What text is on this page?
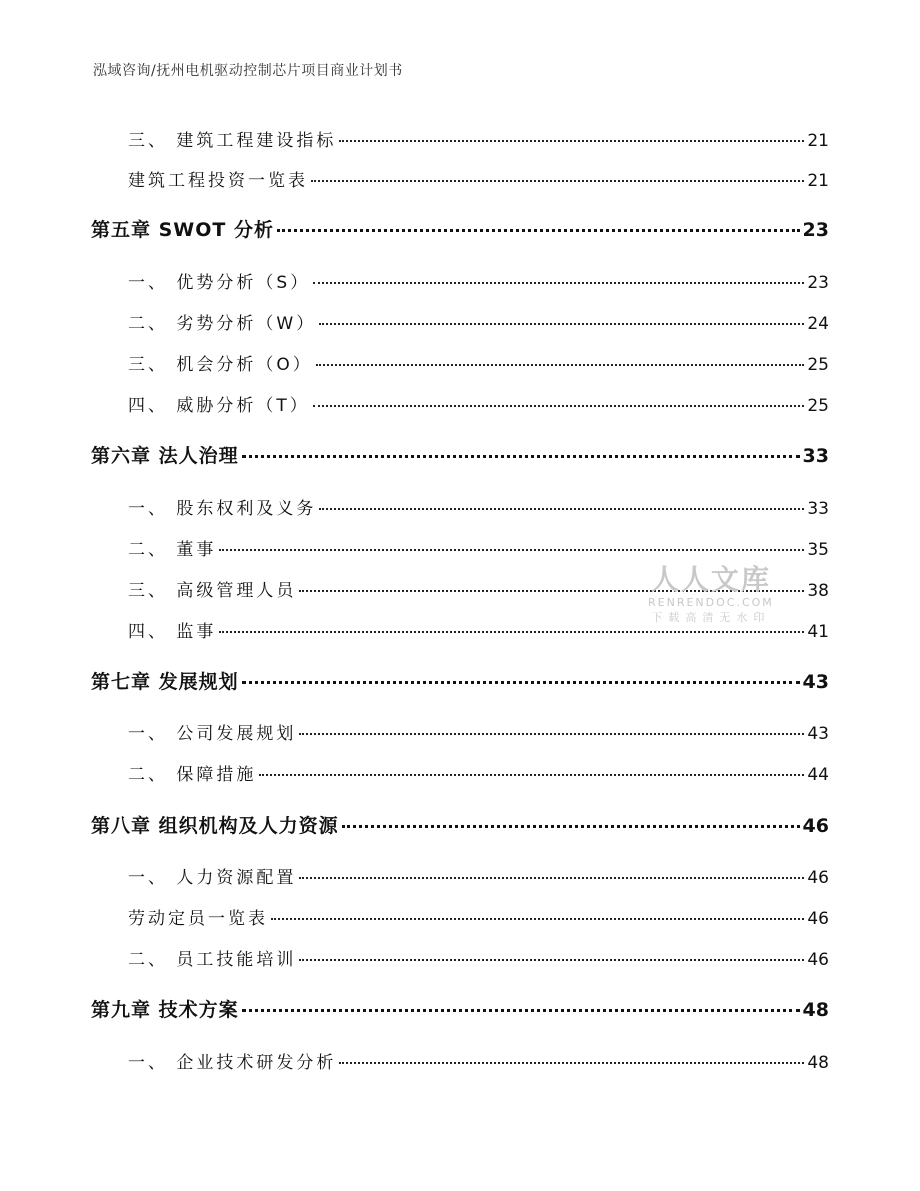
泓域咨询/抚州电机驱动控制芯片项目商业计划书
三、 建筑工程建设指标	21
建筑工程投资一览表	21
第五章 SWOT 分析	23
一、 优势分析（S）	23
二、 劣势分析（W）	24
三、 机会分析（O）	25
四、 威胁分析（T）	25
第六章 法人治理	33
一、 股东权利及义务	33
二、 董事	35
三、 高级管理人员	38
四、 监事	41
第七章 发展规划	43
一、 公司发展规划	43
二、 保障措施	44
第八章 组织机构及人力资源	46
一、 人力资源配置	46
劳动定员一览表	46
二、 员工技能培训	46
第九章 技术方案	48
一、 企业技术研发分析	48
人人文库
RENRENDOC.COM
下载高清无水印
